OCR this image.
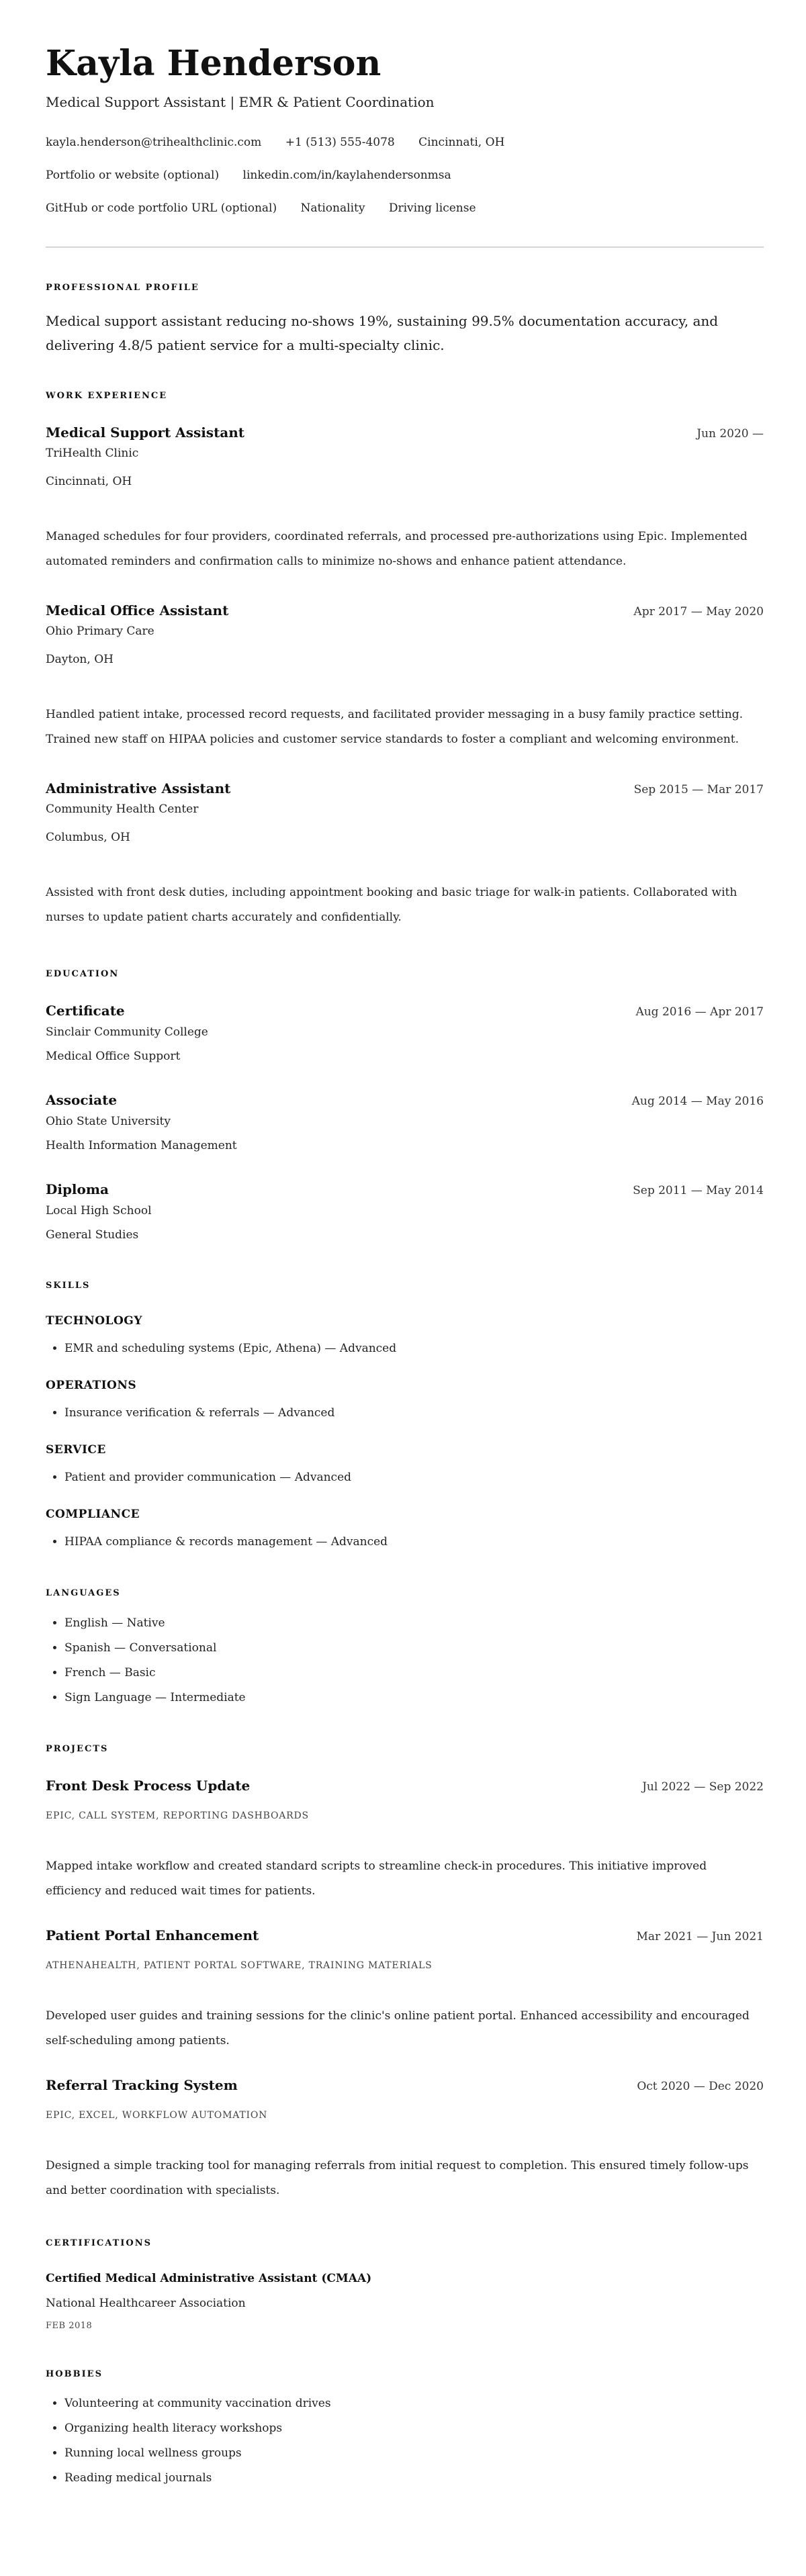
Kayla Henderson
Medical Support Assistant | EMR & Patient Coordination
kayla.henderson@trihealthclinic.com +1 (513) 555-4078 Cincinnati, OH
Portfolio or website (optional) linkedin.com/in/kaylahendersonmsa
GitHub or code portfolio URL (optional) Nationality Driving license
PROFESSIONAL PROFILE
Medical support assistant reducing no-shows 19%, sustaining 99.5% documentation accuracy, and delivering 4.8/5 patient service for a multi-specialty clinic.
WORK EXPERIENCE
Medical Support Assistant	Jun 2020 —
TriHealth Clinic
Cincinnati, OH
Managed schedules for four providers, coordinated referrals, and processed pre-authorizations using Epic. Implemented automated reminders and confirmation calls to minimize no-shows and enhance patient attendance.
Medical Office Assistant	Apr 2017 — May 2020
Ohio Primary Care
Dayton, OH
Handled patient intake, processed record requests, and facilitated provider messaging in a busy family practice setting. Trained new staff on HIPAA policies and customer service standards to foster a compliant and welcoming environment.
Administrative Assistant	Sep 2015 — Mar 2017
Community Health Center
Columbus, OH
Assisted with front desk duties, including appointment booking and basic triage for walk-in patients. Collaborated with nurses to update patient charts accurately and confidentially.
EDUCATION
Certificate	Aug 2016 — Apr 2017
Sinclair Community College
Medical Office Support
Associate	Aug 2014 — May 2016
Ohio State University
Health Information Management
Diploma	Sep 2011 — May 2014
Local High School
General Studies
SKILLS
TECHNOLOGY
• EMR and scheduling systems (Epic, Athena) — Advanced
OPERATIONS
• Insurance verification & referrals — Advanced
SERVICE
• Patient and provider communication — Advanced
COMPLIANCE
• HIPAA compliance & records management — Advanced
LANGUAGES
• English — Native
• Spanish — Conversational
• French — Basic
• Sign Language — Intermediate
PROJECTS
Front Desk Process Update	Jul 2022 — Sep 2022
EPIC, CALL SYSTEM, REPORTING DASHBOARDS
Mapped intake workflow and created standard scripts to streamline check-in procedures. This initiative improved efficiency and reduced wait times for patients.
Patient Portal Enhancement	Mar 2021 — Jun 2021
ATHENAHEALTH, PATIENT PORTAL SOFTWARE, TRAINING MATERIALS
Developed user guides and training sessions for the clinic's online patient portal. Enhanced accessibility and encouraged self-scheduling among patients.
Referral Tracking System	Oct 2020 — Dec 2020
EPIC, EXCEL, WORKFLOW AUTOMATION
Designed a simple tracking tool for managing referrals from initial request to completion. This ensured timely follow-ups and better coordination with specialists.
CERTIFICATIONS
Certified Medical Administrative Assistant (CMAA)
National Healthcareer Association
FEB 2018
HOBBIES
• Volunteering at community vaccination drives
• Organizing health literacy workshops
• Running local wellness groups
• Reading medical journals
